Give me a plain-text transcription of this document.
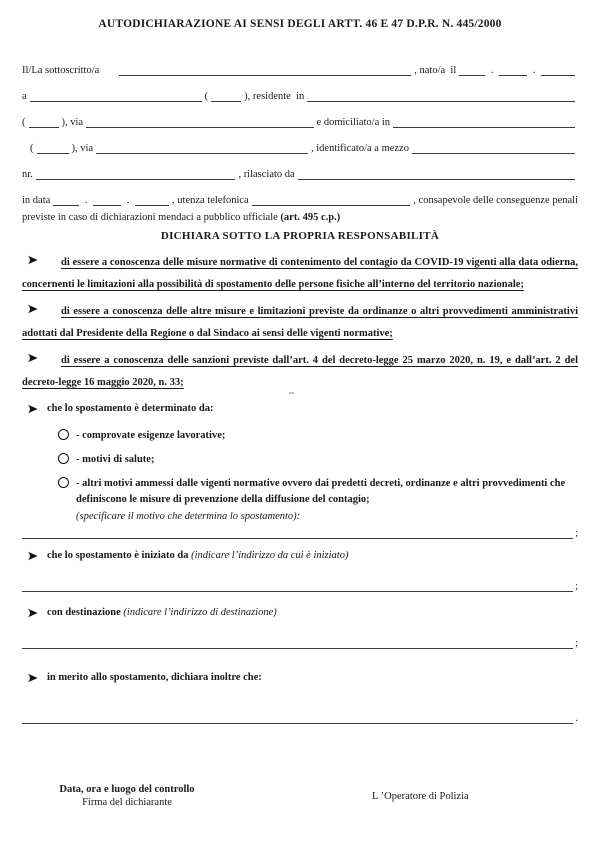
AUTODICHIARAZIONE AI SENSI DEGLI ARTT. 46 E 47 D.P.R. N. 445/2000
Il/La sottoscritto/a	, nato/a  il	.	.
a	(	), residente  in
(	), via	e domiciliato/a in
(	), via	, identificato/a a mezzo
nr.	, rilasciato da
in data	.	.	, utenza telefonica	, consapevole delle conseguenze penali

previste in caso di dichiarazioni mendaci a pubblico ufficiale (art. 495 c.p.)

DICHIARA SOTTO LA PROPRIA RESPONSABILITÀ

di essere a conoscenza delle misure normative di contenimento del contagio da COVID-19 vigenti alla data odierna, concernenti le limitazioni alla possibilità di spostamento delle persone fisiche all’interno del territorio nazionale;

di essere a conoscenza delle altre misure e limitazioni previste da ordinanze o altri provvedimenti amministrativi adottati dal Presidente della Regione o dal Sindaco ai sensi delle vigenti normative;

di essere a conoscenza delle sanzioni previste dall’art. 4 del decreto-legge 25 marzo 2020, n. 19, e dall’art. 2 del decreto-legge 16 maggio 2020, n. 33;

che lo spostamento è determinato da:
- comprovate esigenze lavorative;
- motivi di salute;
- altri motivi ammessi dalle vigenti normative ovvero dai predetti decreti, ordinanze e altri provvedimenti che definiscono le misure di prevenzione della diffusione del contagio;

(specificare il motivo che determina lo spostamento):

;
che lo spostamento è iniziato da (indicare l’indirizzo da cui è iniziato)
;
con destinazione (indicare l’indirizzo di destinazione)
;
in merito allo spostamento, dichiara inoltre che:
.
Data, ora e luogo del controllo
Firma del dichiarante
L ’Operatore di Polizia
